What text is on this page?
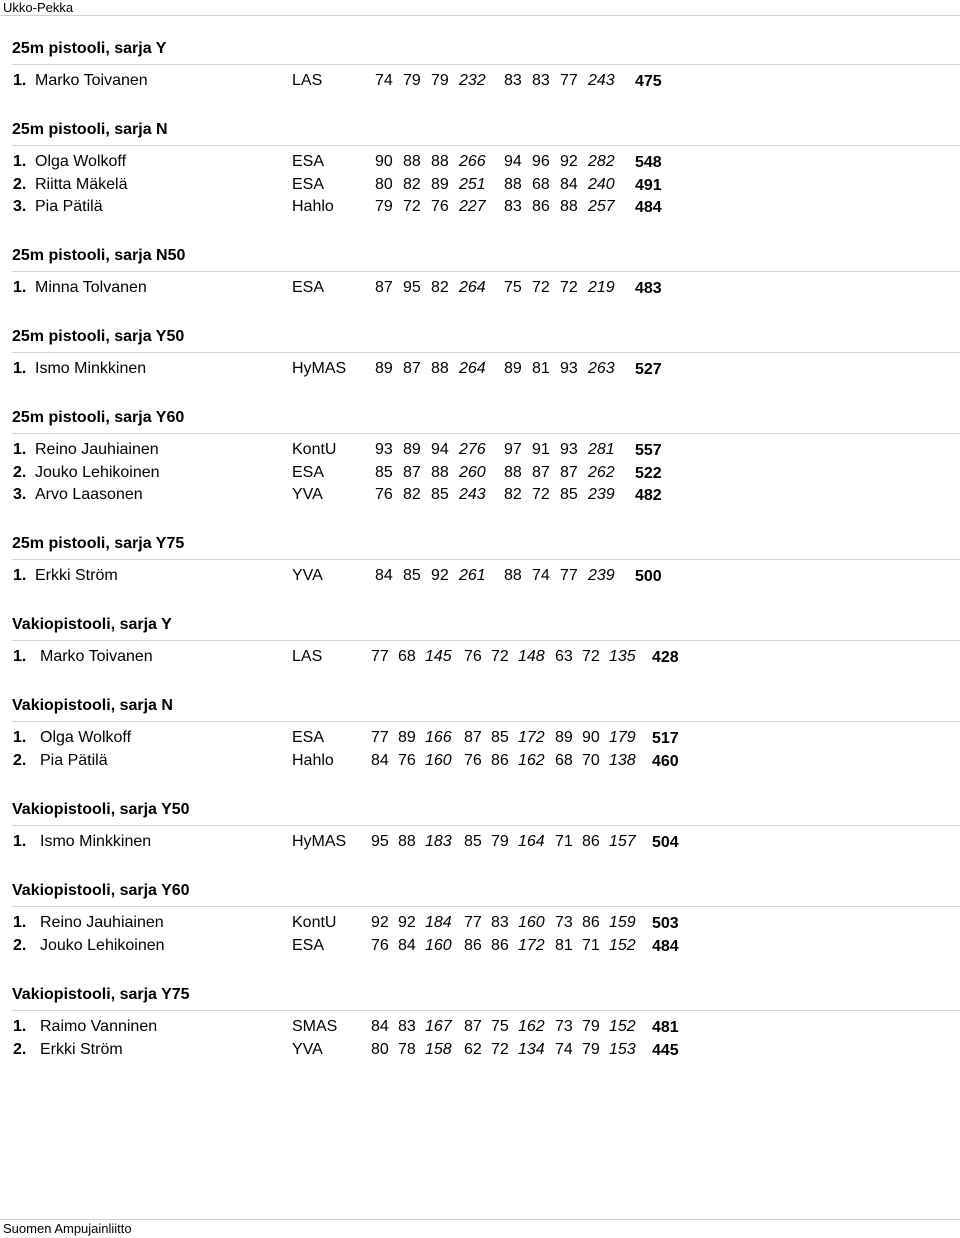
Ukko-Pekka
25m pistooli, sarja Y
1. Marko Toivanen	LAS	74 79 79 232 83 83 77 243 475
25m pistooli, sarja N
1. Olga Wolkoff	ESA	90 88 88 266 94 96 92 282 548
2. Riitta Mäkelä	ESA	80 82 89 251 88 68 84 240 491
3. Pia Pätilä	Hahlo	79 72 76 227 83 86 88 257 484
25m pistooli, sarja N50
1. Minna Tolvanen	ESA	87 95 82 264 75 72 72 219 483
25m pistooli, sarja Y50
1. Ismo Minkkinen	HyMAS 89 87 88 264 89 81 93 263 527
25m pistooli, sarja Y60
1. Reino Jauhiainen	KontU 93 89 94 276 97 91 93 281 557
2. Jouko Lehikoinen	ESA	85 87 88 260 88 87 87 262 522
3. Arvo Laasonen	YVA	76 82 85 243 82 72 85 239 482
25m pistooli, sarja Y75
1. Erkki Ström	YVA	84 85 92 261 88 74 77 239 500
Vakiopistooli, sarja Y
1. Marko Toivanen	LAS	77 68 145 76 72 148 63 72 135 428
Vakiopistooli, sarja N
1. Olga Wolkoff	ESA	77 89 166 87 85 172 89 90 179 517
2. Pia Pätilä	Hahlo 84 76 160 76 86 162 68 70 138 460
Vakiopistooli, sarja Y50
1. Ismo Minkkinen	HyMAS 95 88 183 85 79 164 71 86 157 504
Vakiopistooli, sarja Y60
1. Reino Jauhiainen	KontU 92 92 184 77 83 160 73 86 159 503
2. Jouko Lehikoinen	ESA	76 84 160 86 86 172 81 71 152 484
Vakiopistooli, sarja Y75
1. Raimo Vanninen	SMAS 84 83 167 87 75 162 73 79 152 481
2. Erkki Ström	YVA	80 78 158 62 72 134 74 79 153 445
Suomen Ampujainliitto
